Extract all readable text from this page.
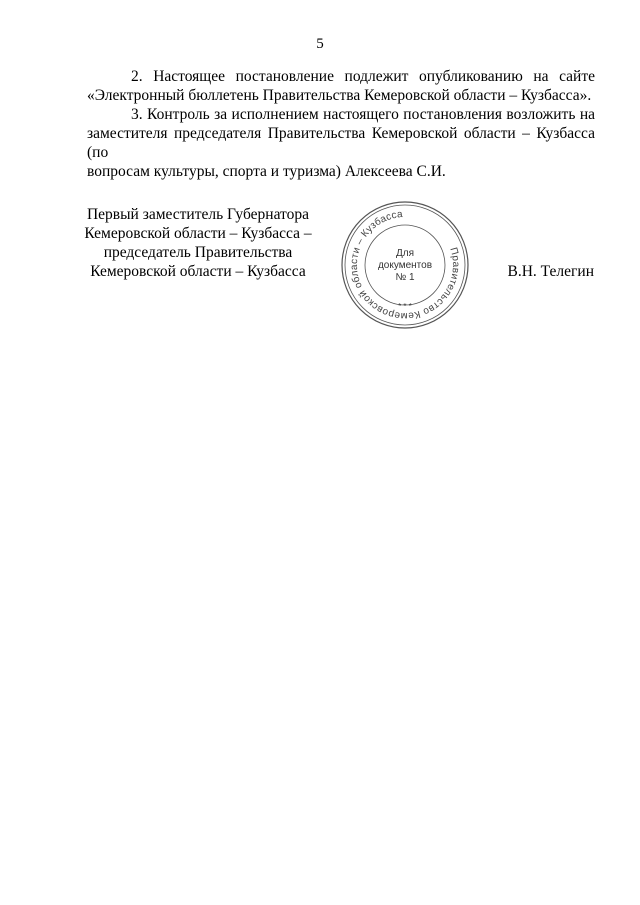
5
2. Настоящее постановление подлежит опубликованию на сайте
«Электронный бюллетень Правительства Кемеровской области – Кузбасса».
3. Контроль за исполнением настоящего постановления возложить на
заместителя председателя Правительства Кемеровской области – Кузбасса (по
вопросам культуры, спорта и туризма) Алексеева С.И.
Первый заместитель Губернатора
Кемеровской области – Кузбасса –
председатель Правительства
Кемеровской области – Кузбасса	В.Н. Телегин
Правительство Кемеровской области – Кузбасса
* * *
Для
документов
№ 1
